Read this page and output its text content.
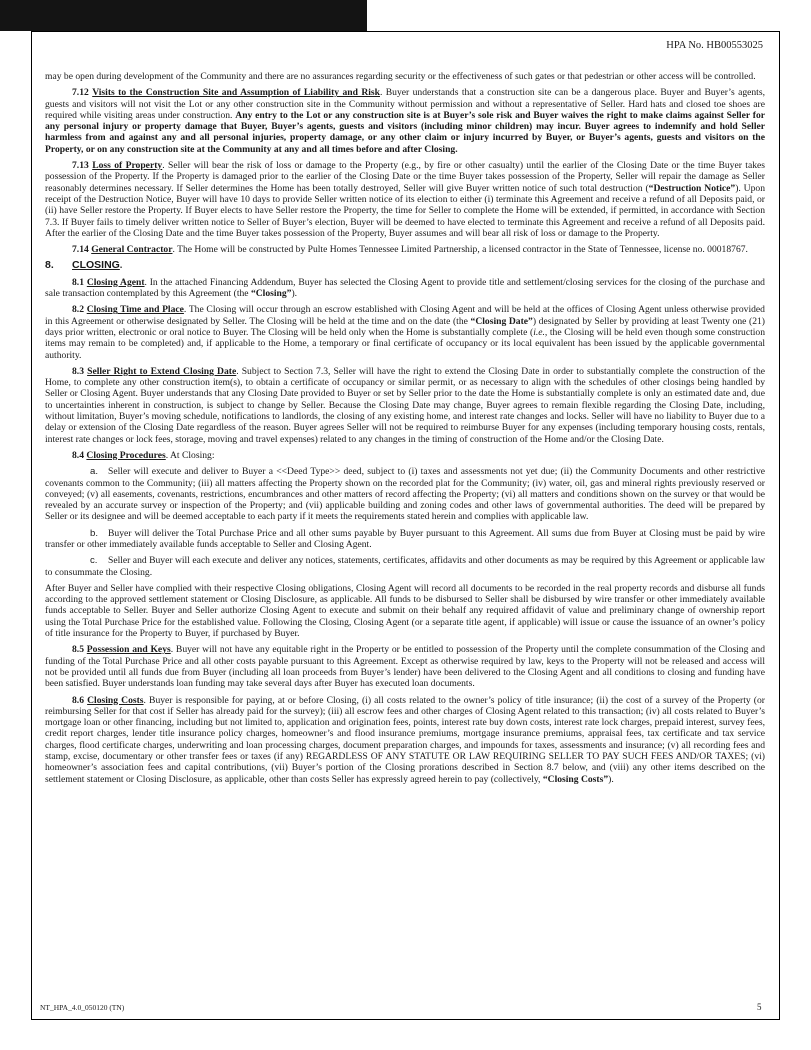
HPA No. HB00553025

may be open during development of the Community and there are no assurances regarding security or the effectiveness of such gates or that pedestrian or other access will be controlled.

7.12 Visits to the Construction Site and Assumption of Liability and Risk. Buyer understands that a construction site can be a dangerous place. Buyer and Buyer’s agents, guests and visitors will not visit the Lot or any other construction site in the Community without permission and without a representative of Seller. Hard hats and closed toe shoes are required while visiting areas under construction. Any entry to the Lot or any construction site is at Buyer’s sole risk and Buyer waives the right to make claims against Seller for any personal injury or property damage that Buyer, Buyer’s agents, guests and visitors (including minor children) may incur. Buyer agrees to indemnify and hold Seller harmless from and against any and all personal injuries, property damage, or any other claim or injury incurred by Buyer, or Buyer’s agents, guests and visitors on the Property, or on any construction site at the Community at any and all times before and after Closing.

7.13 Loss of Property. Seller will bear the risk of loss or damage to the Property (e.g., by fire or other casualty) until the earlier of the Closing Date or the time Buyer takes possession of the Property. If the Property is damaged prior to the earlier of the Closing Date or the time Buyer takes possession of the Property, Seller will repair the damage as Seller reasonably determines necessary. If Seller determines the Home has been totally destroyed, Seller will give Buyer written notice of such total destruction (“Destruction Notice”). Upon receipt of the Destruction Notice, Buyer will have 10 days to provide Seller written notice of its election to either (i) terminate this Agreement and receive a refund of all Deposits paid, or (ii) have Seller restore the Property. If Buyer elects to have Seller restore the Property, the time for Seller to complete the Home will be extended, if permitted, in accordance with Section 7.3. If Buyer fails to timely deliver written notice to Seller of Buyer’s election, Buyer will be deemed to have elected to terminate this Agreement and receive a refund of all Deposits paid. After the earlier of the Closing Date and the time Buyer takes possession of the Property, Buyer assumes and will bear all risk of loss or damage to the Property.

7.14 General Contractor. The Home will be constructed by Pulte Homes Tennessee Limited Partnership, a licensed contractor in the State of Tennessee, license no. 00018767.

8. CLOSING.

8.1 Closing Agent. In the attached Financing Addendum, Buyer has selected the Closing Agent to provide title and settlement/closing services for the closing of the purchase and sale transaction contemplated by this Agreement (the “Closing”).

8.2 Closing Time and Place. The Closing will occur through an escrow established with Closing Agent and will be held at the offices of Closing Agent unless otherwise provided in this Agreement or otherwise designated by Seller. The Closing will be held at the time and on the date (the “Closing Date”) designated by Seller by providing at least Twenty one (21) days prior written, electronic or oral notice to Buyer. The Closing will be held only when the Home is substantially complete (i.e., the Closing will be held even though some construction items may remain to be completed) and, if applicable to the Home, a temporary or final certificate of occupancy or its local equivalent has been issued by the applicable governmental authority.

8.3 Seller Right to Extend Closing Date. Subject to Section 7.3, Seller will have the right to extend the Closing Date in order to substantially complete the construction of the Home, to complete any other construction item(s), to obtain a certificate of occupancy or similar permit, or as necessary to align with the schedules of other closings being handled by Seller or Closing Agent. Buyer understands that any Closing Date provided to Buyer or set by Seller prior to the date the Home is substantially complete is only an estimated date and, due to uncertainties inherent in construction, is subject to change by Seller. Because the Closing Date may change, Buyer agrees to remain flexible regarding the Closing Date, including, without limitation, Buyer’s moving schedule, notifications to landlords, the closing of any existing home, and interest rate changes and locks. Seller will have no liability to Buyer due to a delay or extension of the Closing Date regardless of the reason. Buyer agrees Seller will not be required to reimburse Buyer for any expenses (including temporary housing costs, rentals, interest rate changes or lock fees, storage, moving and travel expenses) related to any changes in the timing of construction of the Home and/or the Closing Date.

8.4 Closing Procedures. At Closing:

a. Seller will execute and deliver to Buyer a <<Deed Type>> deed, subject to (i) taxes and assessments not yet due; (ii) the Community Documents and other restrictive covenants common to the Community; (iii) all matters affecting the Property shown on the recorded plat for the Community; (iv) water, oil, gas and mineral rights previously reserved or conveyed; (v) all easements, covenants, restrictions, encumbrances and other matters of record affecting the Property; (vi) all matters and conditions shown on the survey or that would be revealed by an accurate survey or inspection of the Property; and (vii) applicable building and zoning codes and other laws of governmental authorities. The deed will be prepared by Seller or its designee and will be deemed acceptable to each party if it meets the requirements stated herein and complies with applicable law.

b. Buyer will deliver the Total Purchase Price and all other sums payable by Buyer pursuant to this Agreement. All sums due from Buyer at Closing must be paid by wire transfer or other immediately available funds acceptable to Seller and Closing Agent.

c. Seller and Buyer will each execute and deliver any notices, statements, certificates, affidavits and other documents as may be required by this Agreement or applicable law to consummate the Closing.

After Buyer and Seller have complied with their respective Closing obligations, Closing Agent will record all documents to be recorded in the real property records and disburse all funds according to the approved settlement statement or Closing Disclosure, as applicable. All funds to be disbursed to Seller shall be disbursed by wire transfer or other immediately available funds acceptable to Seller. Buyer and Seller authorize Closing Agent to execute and submit on their behalf any required affidavit of value and preliminary change of ownership report using the Total Purchase Price for the established value. Following the Closing, Closing Agent (or a separate title agent, if applicable) will issue or cause the issuance of an owner’s policy of title insurance for the Property to Buyer, if purchased by Buyer.

8.5 Possession and Keys. Buyer will not have any equitable right in the Property or be entitled to possession of the Property until the complete consummation of the Closing and funding of the Total Purchase Price and all other costs payable pursuant to this Agreement. Except as otherwise required by law, keys to the Property will not be released and access will not be provided until all funds due from Buyer (including all loan proceeds from Buyer’s lender) have been delivered to the Closing Agent and all conditions to closing and funding have been satisfied. Buyer understands loan funding may take several days after Buyer has executed loan documents.

8.6 Closing Costs. Buyer is responsible for paying, at or before Closing, (i) all costs related to the owner’s policy of title insurance; (ii) the cost of a survey of the Property (or reimbursing Seller for that cost if Seller has already paid for the survey); (iii) all escrow fees and other charges of Closing Agent related to this transaction; (iv) all costs related to Buyer’s mortgage loan or other financing, including but not limited to, application and origination fees, points, interest rate buy down costs, interest rate lock charges, prepaid interest, survey fees, credit report charges, lender title insurance policy charges, homeowner’s and flood insurance premiums, mortgage insurance premiums, appraisal fees, tax certificate and tax service charges, flood certificate charges, underwriting and loan processing charges, document preparation charges, and impounds for taxes, assessments and insurance; (v) all recording fees and stamp, excise, documentary or other transfer fees or taxes (if any) REGARDLESS OF ANY STATUTE OR LAW REQUIRING SELLER TO PAY SUCH FEES AND/OR TAXES; (vi) homeowner’s association fees and capital contributions, (vii) Buyer’s portion of the Closing prorations described in Section 8.7 below, and (viii) any other items described on the settlement statement or Closing Disclosure, as applicable, other than costs Seller has expressly agreed herein to pay (collectively, “Closing Costs”).

NT_HPA_4.0_050120 (TN)	5
